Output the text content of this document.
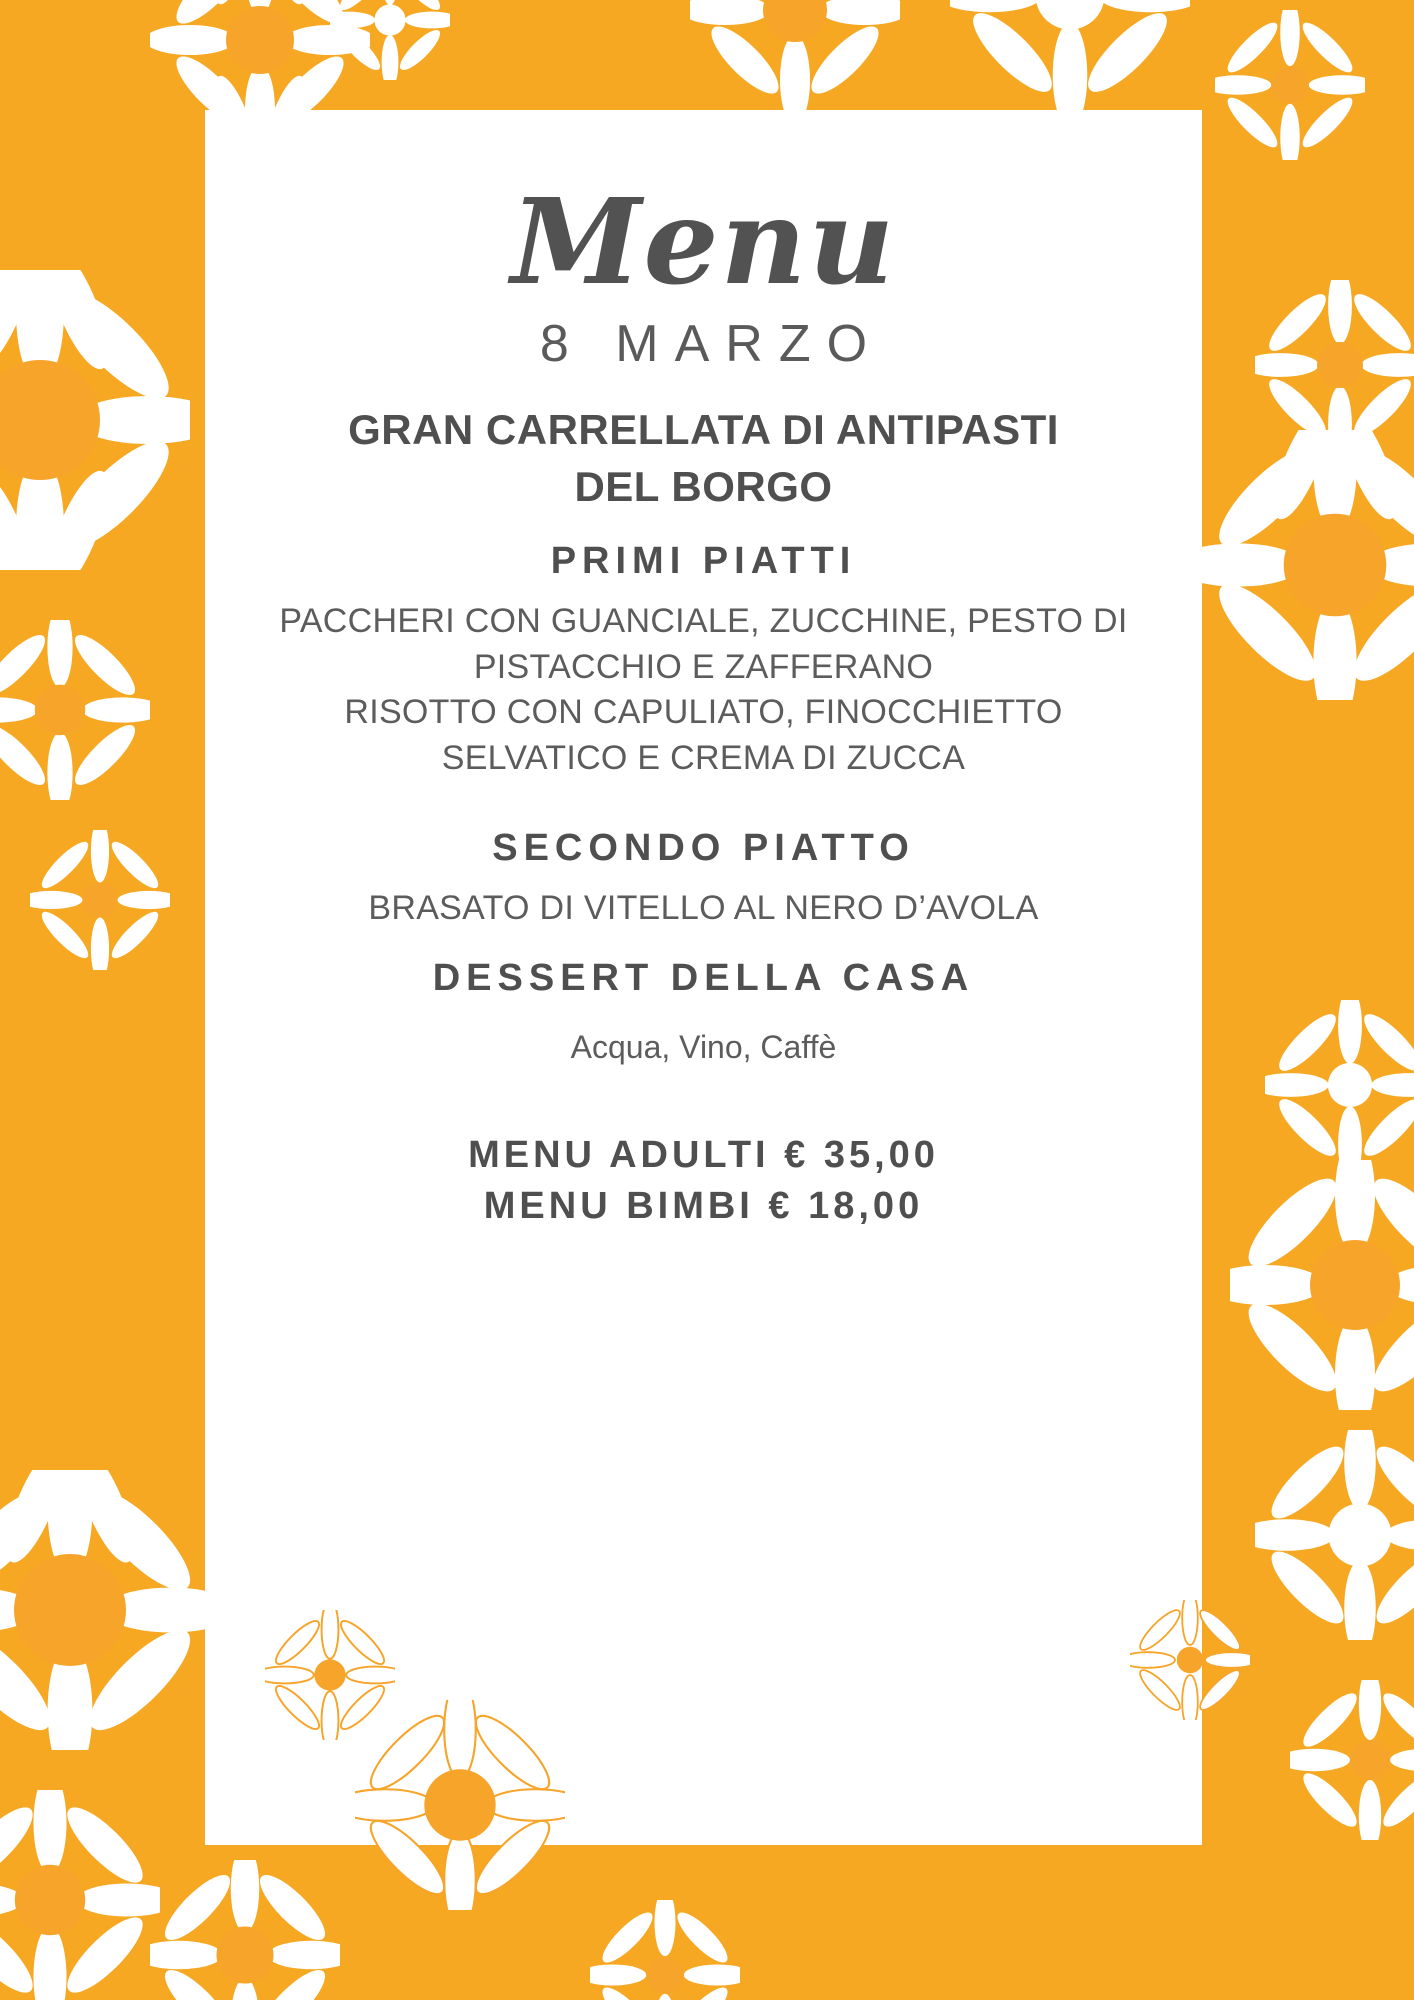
Menu
8 MARZO
GRAN CARRELLATA DI ANTIPASTI DEL BORGO
PRIMI PIATTI
PACCHERI CON GUANCIALE, ZUCCHINE, PESTO DI PISTACCHIO E ZAFFERANO
RISOTTO CON CAPULIATO, FINOCCHIETTO SELVATICO E CREMA DI ZUCCA
SECONDO PIATTO
BRASATO DI VITELLO AL NERO D’AVOLA
DESSERT DELLA CASA
Acqua, Vino, Caffè
MENU ADULTI € 35,00
MENU BIMBI € 18,00
